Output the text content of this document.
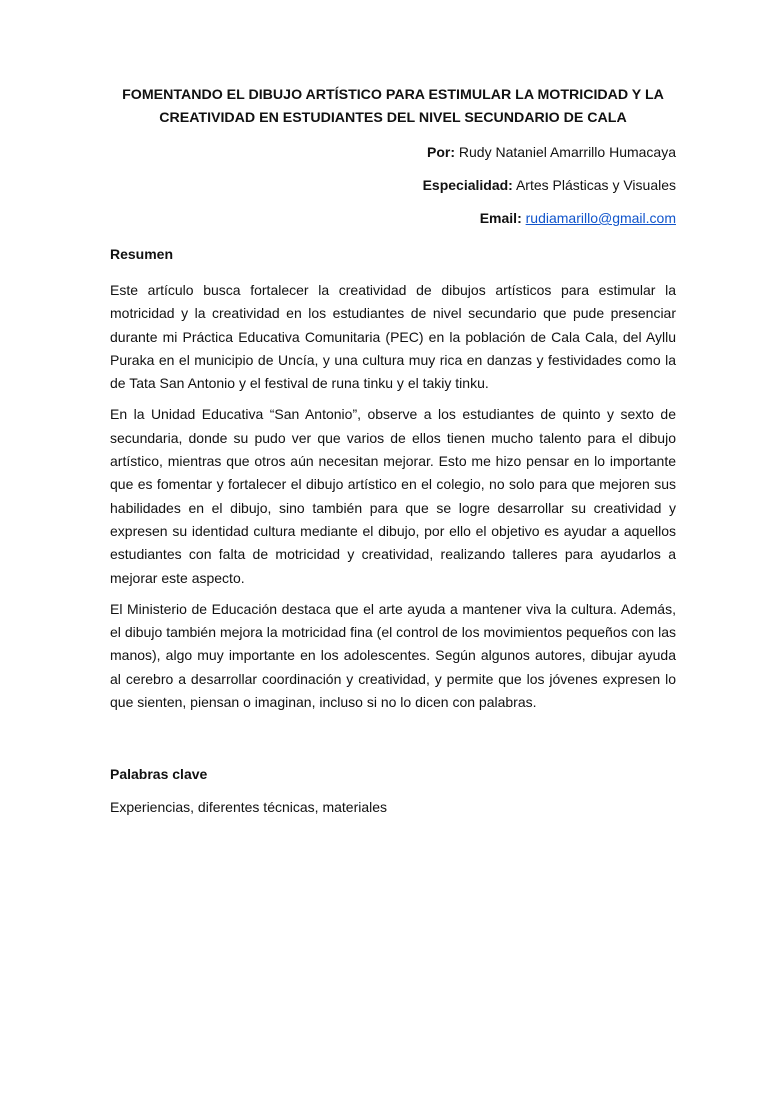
FOMENTANDO EL DIBUJO ARTÍSTICO PARA ESTIMULAR LA MOTRICIDAD Y LA
CREATIVIDAD EN ESTUDIANTES DEL NIVEL SECUNDARIO DE CALA
Por: Rudy Nataniel Amarrillo Humacaya
Especialidad: Artes Plásticas y Visuales
Email: rudiamarillo@gmail.com
Resumen

Este artículo busca fortalecer la creatividad de dibujos artísticos para estimular la motricidad y la creatividad en los estudiantes de nivel secundario que pude presenciar durante mi Práctica Educativa Comunitaria (PEC) en la población de Cala Cala, del Ayllu Puraka en el municipio de Uncía, y una cultura muy rica en danzas y festividades como la de Tata San Antonio y el festival de runa tinku y el takiy tinku.

En la Unidad Educativa “San Antonio”, observe a los estudiantes de quinto y sexto de secundaria, donde su pudo ver que varios de ellos tienen mucho talento para el dibujo artístico, mientras que otros aún necesitan mejorar. Esto me hizo pensar en lo importante que es fomentar y fortalecer el dibujo artístico en el colegio, no solo para que mejoren sus habilidades en el dibujo, sino también para que se logre desarrollar su creatividad y expresen su identidad cultura mediante el dibujo, por ello el objetivo es ayudar a aquellos estudiantes con falta de motricidad y creatividad, realizando talleres para ayudarlos a mejorar este aspecto.

El Ministerio de Educación destaca que el arte ayuda a mantener viva la cultura. Además, el dibujo también mejora la motricidad fina (el control de los movimientos pequeños con las manos), algo muy importante en los adolescentes. Según algunos autores, dibujar ayuda al cerebro a desarrollar coordinación y creatividad, y permite que los jóvenes expresen lo que sienten, piensan o imaginan, incluso si no lo dicen con palabras.

Palabras clave
Experiencias, diferentes técnicas, materiales
